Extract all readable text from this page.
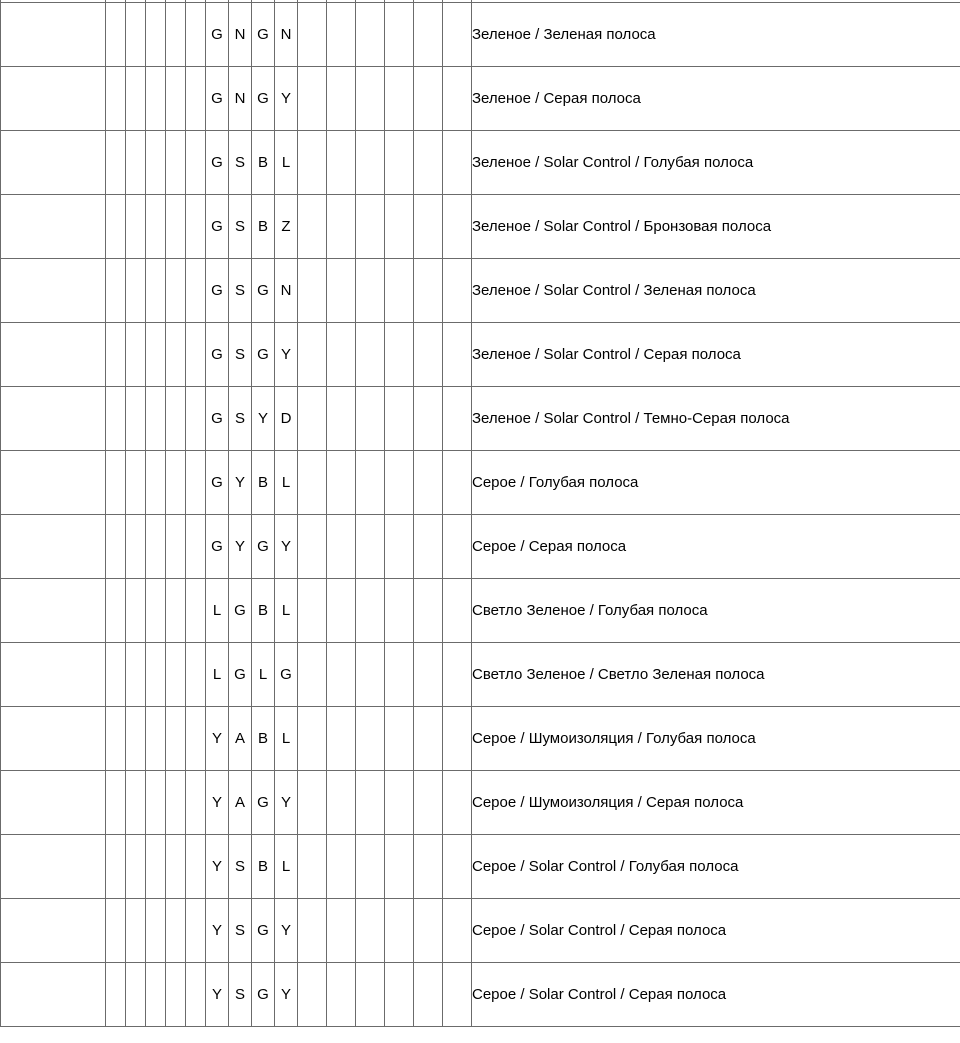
						G	N	G	N							Зеленое / Зеленая полоса
						G	N	G	Y							Зеленое / Серая полоса
						G	S	B	L							Зеленое / Solar Control / Голубая полоса
						G	S	B	Z							Зеленое / Solar Control / Бронзовая полоса
						G	S	G	N							Зеленое / Solar Control / Зеленая полоса
						G	S	G	Y							Зеленое / Solar Control / Серая полоса
						G	S	Y	D							Зеленое / Solar Control / Темно-Серая полоса
						G	Y	B	L							Серое / Голубая полоса
						G	Y	G	Y							Серое / Серая полоса
						L	G	B	L							Светло Зеленое / Голубая полоса
						L	G	L	G							Светло Зеленое / Светло Зеленая полоса
						Y	A	B	L							Серое / Шумоизоляция / Голубая полоса
						Y	A	G	Y							Серое / Шумоизоляция / Серая полоса
						Y	S	B	L							Серое / Solar Control / Голубая полоса
						Y	S	G	Y							Серое / Solar Control / Серая полоса
						Y	S	G	Y							Серое / Solar Control / Серая полоса
